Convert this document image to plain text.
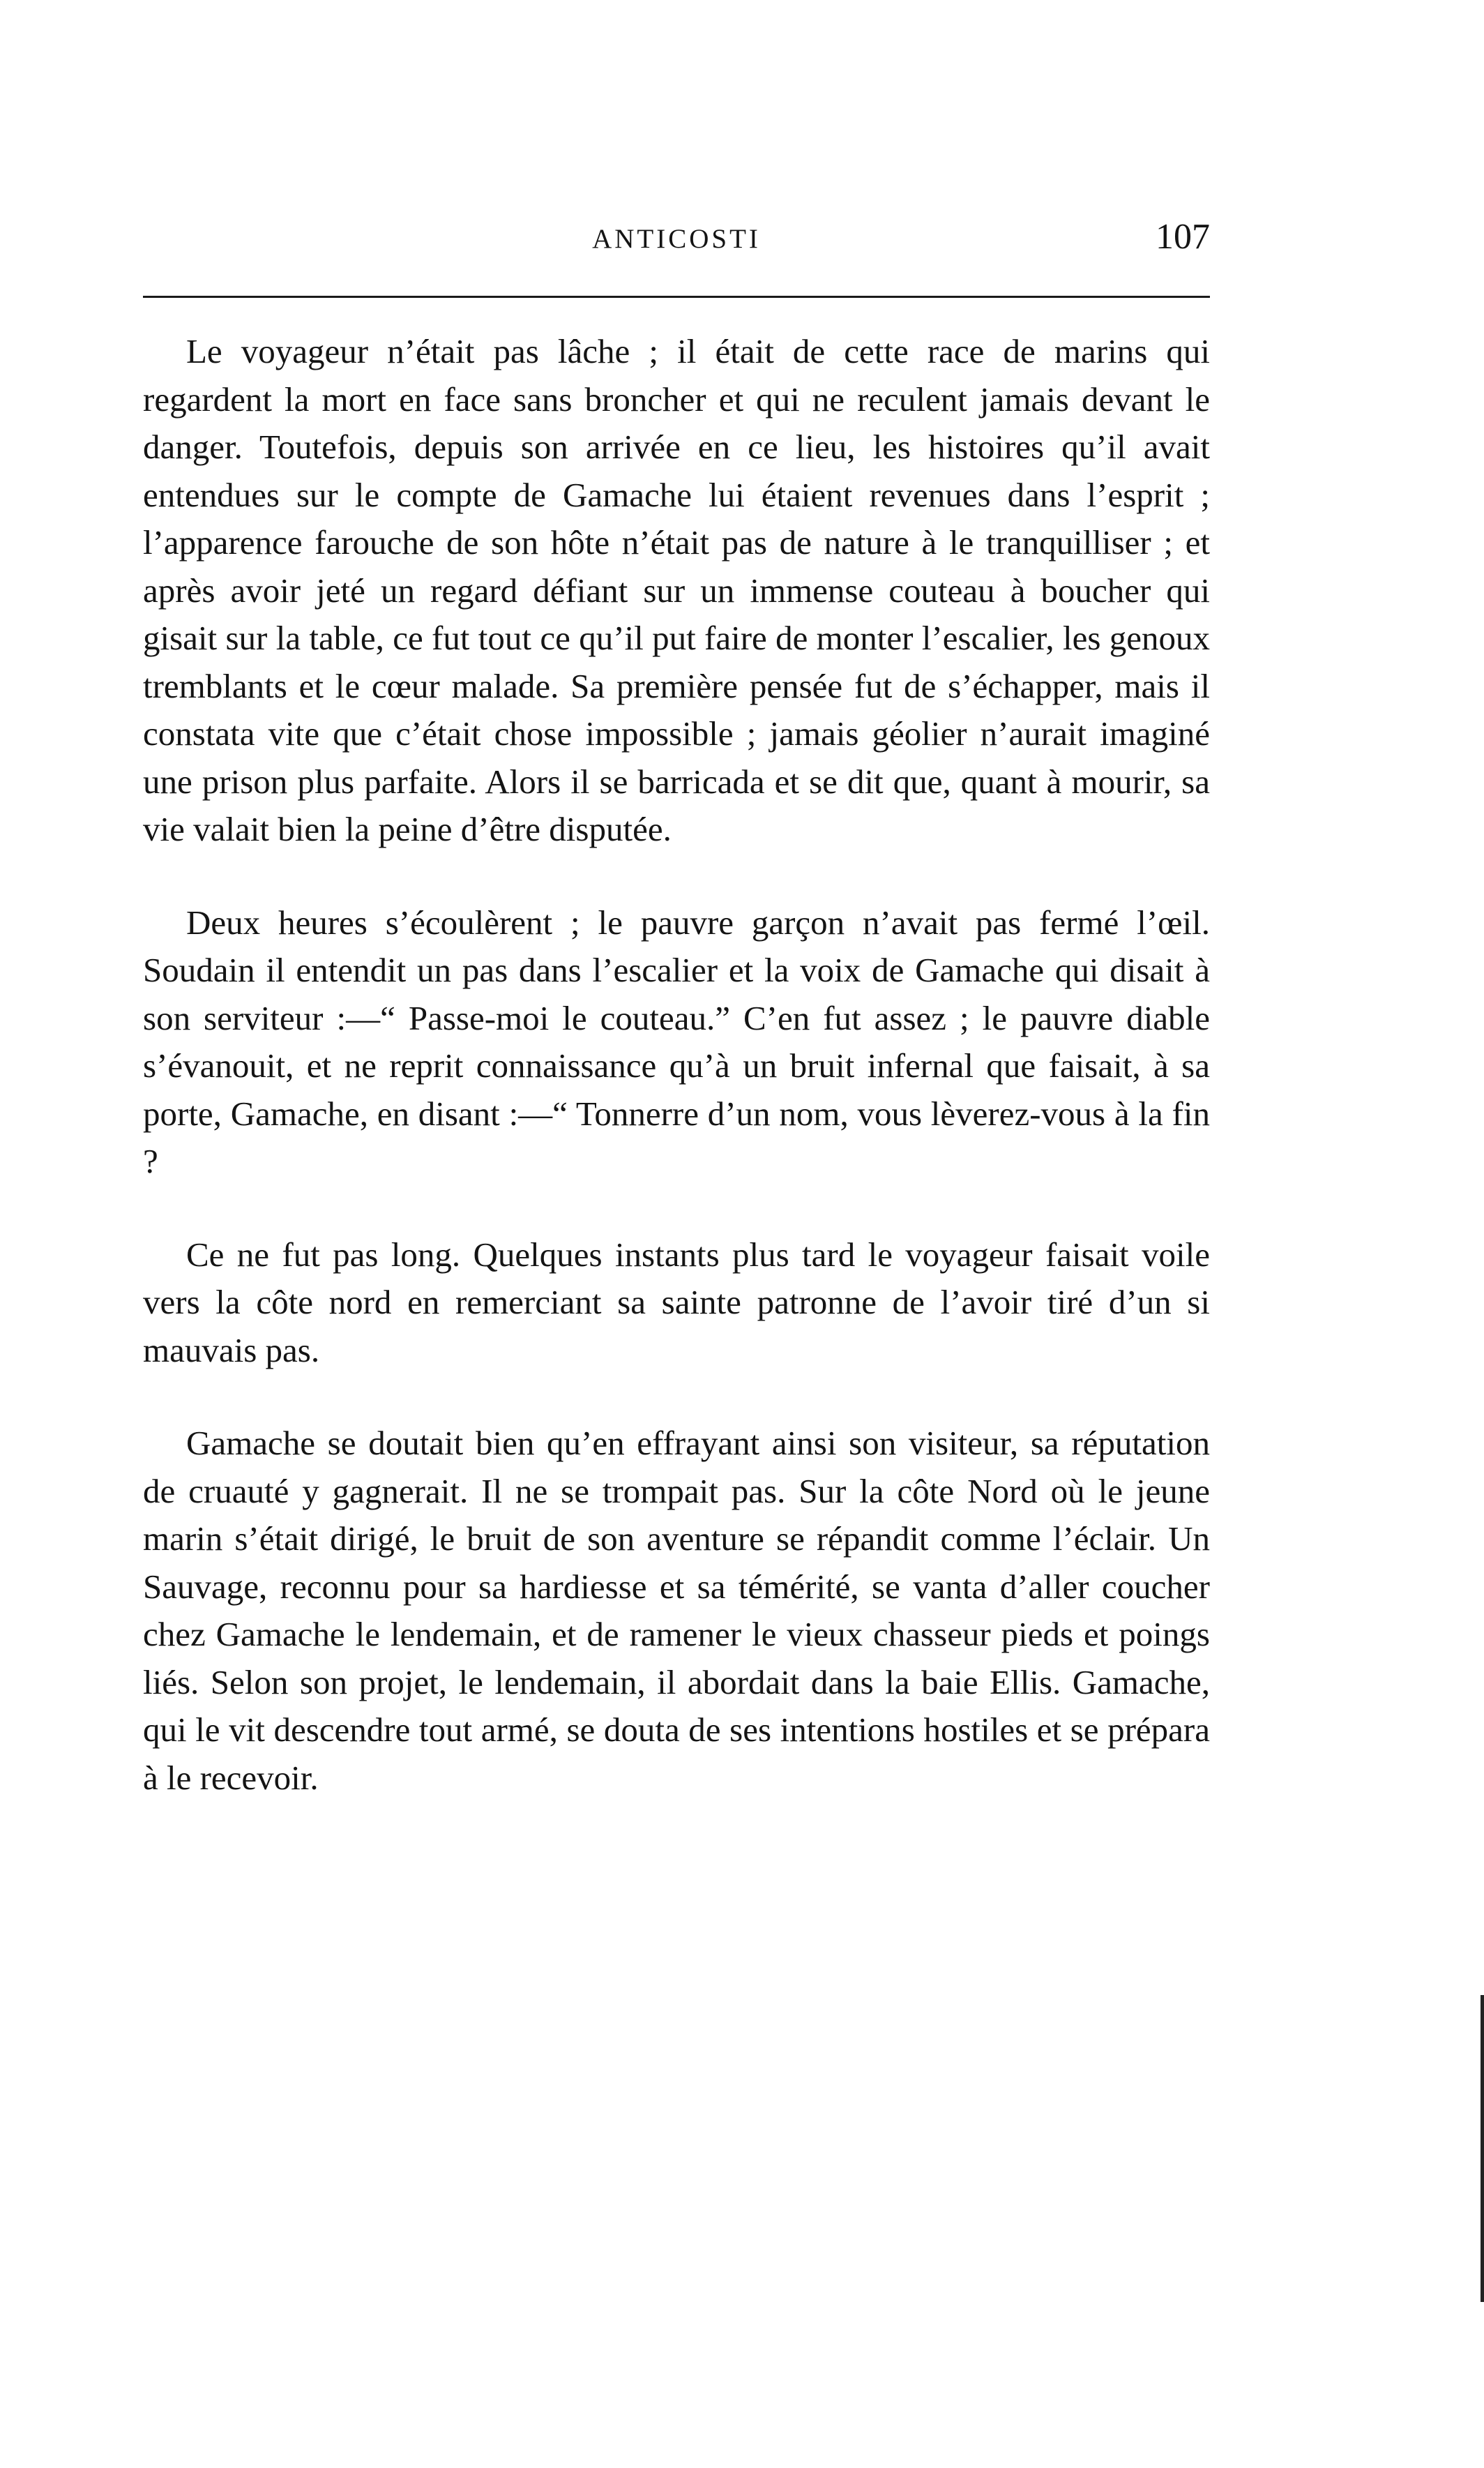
ANTICOSTI	107

Le voyageur n’était pas lâche ; il était de cette race de marins qui regardent la mort en face sans broncher et qui ne reculent jamais devant le danger. Toutefois, depuis son arrivée en ce lieu, les histoires qu’il avait entendues sur le compte de Gamache lui étaient revenues dans l’esprit ; l’apparence farouche de son hôte n’était pas de nature à le tranquilliser ; et après avoir jeté un regard défiant sur un immense couteau à boucher qui gisait sur la table, ce fut tout ce qu’il put faire de monter l’escalier, les genoux tremblants et le cœur malade. Sa première pensée fut de s’échapper, mais il constata vite que c’était chose impossible ; jamais géolier n’aurait imaginé une prison plus parfaite. Alors il se barricada et se dit que, quant à mourir, sa vie valait bien la peine d’être disputée.

Deux heures s’écoulèrent ; le pauvre garçon n’avait pas fermé l’œil. Soudain il entendit un pas dans l’escalier et la voix de Gamache qui disait à son serviteur :—“ Passe-moi le couteau.” C’en fut assez ; le pauvre diable s’évanouit, et ne reprit connaissance qu’à un bruit infernal que faisait, à sa porte, Gamache, en disant :—“ Tonnerre d’un nom, vous lèverez-vous à la fin ?

Ce ne fut pas long. Quelques instants plus tard le voyageur faisait voile vers la côte nord en remerciant sa sainte patronne de l’avoir tiré d’un si mauvais pas.

Gamache se doutait bien qu’en effrayant ainsi son visiteur, sa réputation de cruauté y gagnerait. Il ne se trompait pas. Sur la côte Nord où le jeune marin s’était dirigé, le bruit de son aventure se répandit comme l’éclair. Un Sauvage, reconnu pour sa hardiesse et sa témérité, se vanta d’aller coucher chez Gamache le lendemain, et de ramener le vieux chasseur pieds et poings liés. Selon son projet, le lendemain, il abordait dans la baie Ellis. Gamache, qui le vit descendre tout armé, se douta de ses intentions hostiles et se prépara à le recevoir.
